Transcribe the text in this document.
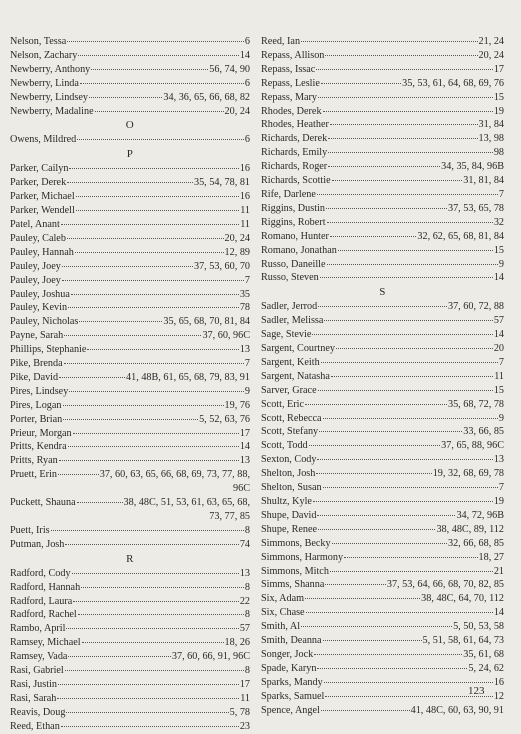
Nelson, Tessa	6
Nelson, Zachary	14
Newberry, Anthony	56, 74, 90
Newberry, Linda	6
Newberry, Lindsey	34, 36, 65, 66, 68, 82
Newberry, Madaline	20, 24
O
Owens, Mildred	6
P
Parker, Cailyn	16
Parker, Derek	35, 54, 78, 81
Parker, Michael	16
Parker, Wendell	11
Patel, Anant	11
Pauley, Caleb	20, 24
Pauley, Hannah	12, 89
Pauley, Joey	37, 53, 60, 70
Pauley, Joey	7
Pauley, Joshua	35
Pauley, Kevin	78
Pauley, Nicholas	35, 65, 68, 70, 81, 84
Payne, Sarah	37, 60, 96C
Phillips, Stephanie	13
Pike, Brenda	7
Pike, David	41, 48B, 61, 65, 68, 79, 83, 91
Pires, Lindsey	9
Pires, Logan	19, 76
Porter, Brian	5, 52, 63, 76
Prieur, Morgan	17
Pritts, Kendra	14
Pritts, Ryan	13
Pruett, Erin	37, 60, 63, 65, 66, 68, 69, 73, 77, 88,
96C
Puckett, Shauna	38, 48C, 51, 53, 61, 63, 65, 68,
73, 77, 85
Puett, Iris	8
Putman, Josh	74
R
Radford, Cody	13
Radford, Hannah	8
Radford, Laura	22
Radford, Rachel	8
Rambo, April	57
Ramsey, Michael	18, 26
Ramsey, Vada	37, 60, 66, 91, 96C
Rasi, Gabriel	8
Rasi, Justin	17
Rasi, Sarah	11
Reavis, Doug	5, 78
Reed, Ethan	23
Reed, Ian	21, 24
Repass, Allison	20, 24
Repass, Issac	17
Repass, Leslie	35, 53, 61, 64, 68, 69, 76
Repass, Mary	15
Rhodes, Derek	19
Rhodes, Heather	31, 84
Richards, Derek	13, 98
Richards, Emily	98
Richards, Roger	34, 35, 84, 96B
Richards, Scottie	31, 81, 84
Rife, Darlene	7
Riggins, Dustin	37, 53, 65, 78
Riggins, Robert	32
Romano, Hunter	32, 62, 65, 68, 81, 84
Romano, Jonathan	15
Russo, Daneille	9
Russo, Steven	14
S
Sadler, Jerrod	37, 60, 72, 88
Sadler, Melissa	57
Sage, Stevie	14
Sargent, Courtney	20
Sargent, Keith	7
Sargent, Natasha	11
Sarver, Grace	15
Scott, Eric	35, 68, 72, 78
Scott, Rebecca	9
Scott, Stefany	33, 66, 85
Scott, Todd	37, 65, 88, 96C
Sexton, Cody	13
Shelton, Josh	19, 32, 68, 69, 78
Shelton, Susan	7
Shultz, Kyle	19
Shupe, David	34, 72, 96B
Shupe, Renee	38, 48C, 89, 112
Simmons, Becky	32, 66, 68, 85
Simmons, Harmony	18, 27
Simmons, Mitch	21
Simms, Shanna	37, 53, 64, 66, 68, 70, 82, 85
Six, Adam	38, 48C, 64, 70, 112
Six, Chase	14
Smith, Al	5, 50, 53, 58
Smith, Deanna	5, 51, 58, 61, 64, 73
Songer, Jock	35, 61, 68
Spade, Karyn	5, 24, 62
Sparks, Mandy	16
Sparks, Samuel	12
Spence, Angel	41, 48C, 60, 63, 90, 91
123
